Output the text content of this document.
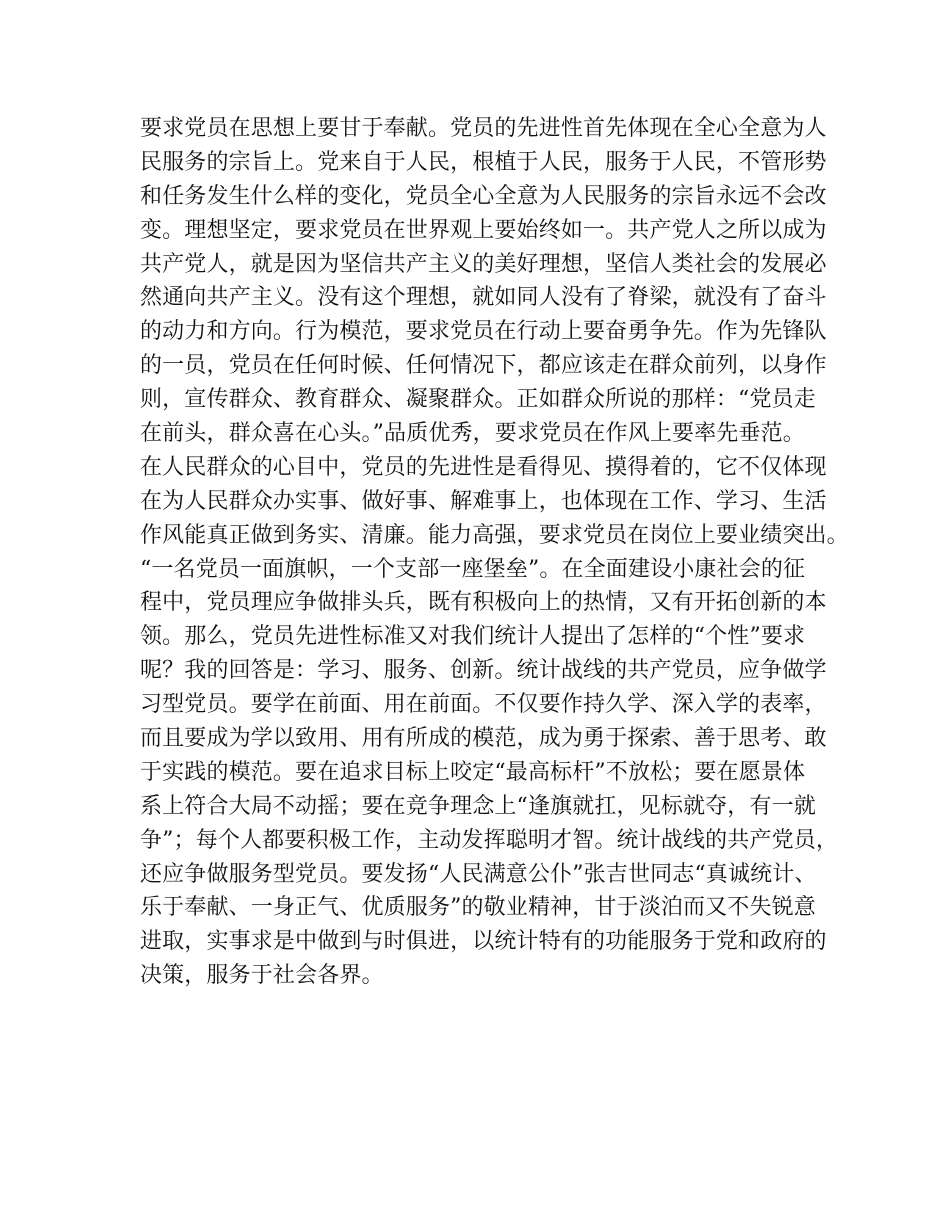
要求党员在思想上要甘于奉献。党员的先进性首先体现在全心全意为人
民服务的宗旨上。党来自于人民，根植于人民，服务于人民，不管形势
和任务发生什么样的变化，党员全心全意为人民服务的宗旨永远不会改
变。理想坚定，要求党员在世界观上要始终如一。共产党人之所以成为
共产党人，就是因为坚信共产主义的美好理想，坚信人类社会的发展必
然通向共产主义。没有这个理想，就如同人没有了脊梁，就没有了奋斗
的动力和方向。行为模范，要求党员在行动上要奋勇争先。作为先锋队
的一员，党员在任何时候、任何情况下，都应该走在群众前列，以身作
则，宣传群众、教育群众、凝聚群众。正如群众所说的那样：“党员走
在前头，群众喜在心头。”品质优秀，要求党员在作风上要率先垂范。
在人民群众的心目中，党员的先进性是看得见、摸得着的，它不仅体现
在为人民群众办实事、做好事、解难事上，也体现在工作、学习、生活
作风能真正做到务实、清廉。能力高强，要求党员在岗位上要业绩突出。
“一名党员一面旗帜，一个支部一座堡垒”。在全面建设小康社会的征
程中，党员理应争做排头兵，既有积极向上的热情，又有开拓创新的本
领。那么，党员先进性标准又对我们统计人提出了怎样的“个性”要求
呢？我的回答是：学习、服务、创新。统计战线的共产党员，应争做学
习型党员。要学在前面、用在前面。不仅要作持久学、深入学的表率，
而且要成为学以致用、用有所成的模范，成为勇于探索、善于思考、敢
于实践的模范。要在追求目标上咬定“最高标杆”不放松；要在愿景体
系上符合大局不动摇；要在竞争理念上“逢旗就扛，见标就夺，有一就
争”；每个人都要积极工作，主动发挥聪明才智。统计战线的共产党员，
还应争做服务型党员。要发扬“人民满意公仆”张吉世同志“真诚统计、
乐于奉献、一身正气、优质服务”的敬业精神，甘于淡泊而又不失锐意
进取，实事求是中做到与时俱进，以统计特有的功能服务于党和政府的
决策，服务于社会各界。
